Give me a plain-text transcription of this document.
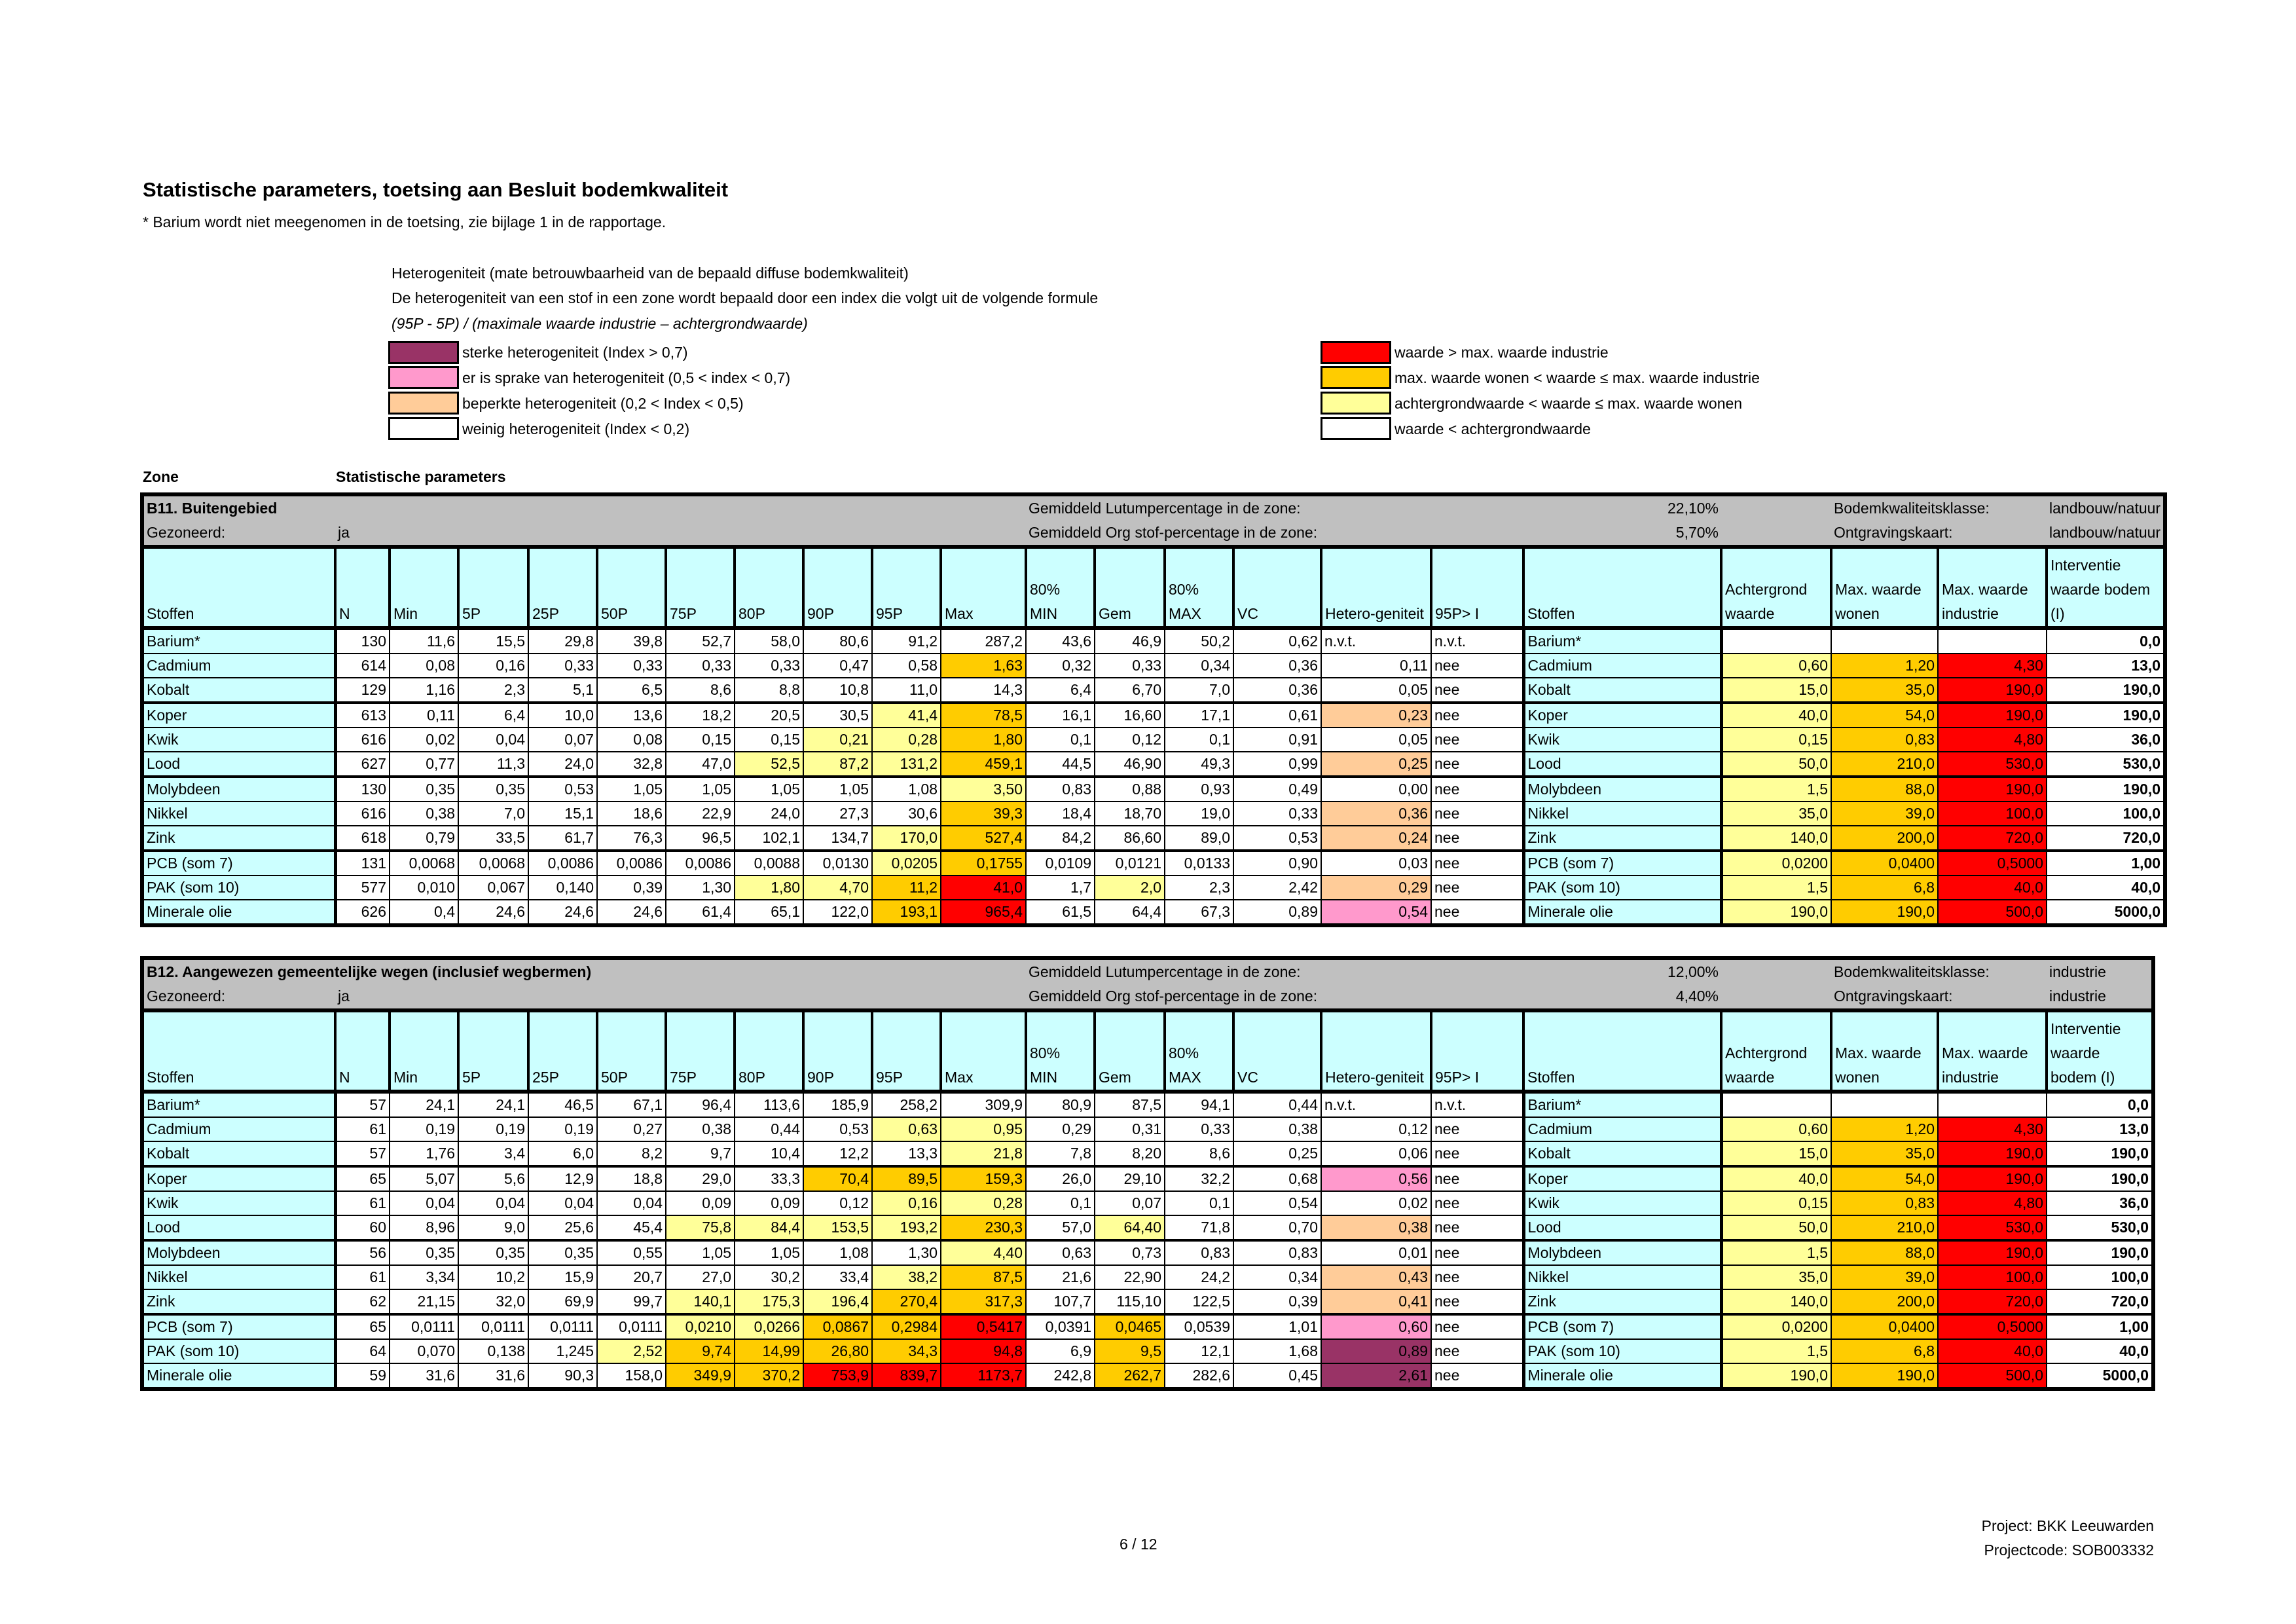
Statistische parameters, toetsing aan Besluit bodemkwaliteit
* Barium wordt niet meegenomen in de toetsing, zie bijlage 1 in de rapportage.
Heterogeniteit (mate betrouwbaarheid van de bepaald diffuse bodemkwaliteit)
De heterogeniteit van een stof in een zone wordt bepaald door een index die volgt uit de volgende formule
(95P - 5P) / (maximale waarde industrie – achtergrondwaarde)
sterke heterogeniteit (Index > 0,7)
er is sprake van heterogeniteit (0,5 < index < 0,7)
beperkte heterogeniteit (0,2 < Index < 0,5)
weinig heterogeniteit (Index < 0,2)
waarde > max. waarde industrie
max. waarde wonen < waarde ≤ max. waarde industrie
achtergrondwaarde < waarde ≤ max. waarde wonen
waarde < achtergrondwaarde
Zone	Statistische parameters
B11. Buitengebied											Gemiddeld Lutumpercentage in de zone:					22,10%			Bodemkwaliteitsklasse:		landbouw/natuur
Gezoneerd:	ja										Gemiddeld Org stof-percentage in de zone:					5,70%			Ontgravingskaart:		landbouw/natuur
Stoffen	N	Min	5P	25P	50P	75P	80P	90P	95P	Max	80% MIN	Gem	80% MAX	VC	Hetero-geniteit	95P> I	Stoffen	Achtergrond waarde	Max. waarde wonen	Max. waarde industrie	Interventie waarde bodem (I)
Barium*	130	11,6	15,5	29,8	39,8	52,7	58,0	80,6	91,2	287,2	43,6	46,9	50,2	0,62	n.v.t.	n.v.t.	Barium*				0,0
Cadmium	614	0,08	0,16	0,33	0,33	0,33	0,33	0,47	0,58	1,63	0,32	0,33	0,34	0,36	0,11	nee	Cadmium	0,60	1,20	4,30	13,0
Kobalt	129	1,16	2,3	5,1	6,5	8,6	8,8	10,8	11,0	14,3	6,4	6,70	7,0	0,36	0,05	nee	Kobalt	15,0	35,0	190,0	190,0
Koper	613	0,11	6,4	10,0	13,6	18,2	20,5	30,5	41,4	78,5	16,1	16,60	17,1	0,61	0,23	nee	Koper	40,0	54,0	190,0	190,0
Kwik	616	0,02	0,04	0,07	0,08	0,15	0,15	0,21	0,28	1,80	0,1	0,12	0,1	0,91	0,05	nee	Kwik	0,15	0,83	4,80	36,0
Lood	627	0,77	11,3	24,0	32,8	47,0	52,5	87,2	131,2	459,1	44,5	46,90	49,3	0,99	0,25	nee	Lood	50,0	210,0	530,0	530,0
Molybdeen	130	0,35	0,35	0,53	1,05	1,05	1,05	1,05	1,08	3,50	0,83	0,88	0,93	0,49	0,00	nee	Molybdeen	1,5	88,0	190,0	190,0
Nikkel	616	0,38	7,0	15,1	18,6	22,9	24,0	27,3	30,6	39,3	18,4	18,70	19,0	0,33	0,36	nee	Nikkel	35,0	39,0	100,0	100,0
Zink	618	0,79	33,5	61,7	76,3	96,5	102,1	134,7	170,0	527,4	84,2	86,60	89,0	0,53	0,24	nee	Zink	140,0	200,0	720,0	720,0
PCB (som 7)	131	0,0068	0,0068	0,0086	0,0086	0,0086	0,0088	0,0130	0,0205	0,1755	0,0109	0,0121	0,0133	0,90	0,03	nee	PCB (som 7)	0,0200	0,0400	0,5000	1,00
PAK (som 10)	577	0,010	0,067	0,140	0,39	1,30	1,80	4,70	11,2	41,0	1,7	2,0	2,3	2,42	0,29	nee	PAK (som 10)	1,5	6,8	40,0	40,0
Minerale olie	626	0,4	24,6	24,6	24,6	61,4	65,1	122,0	193,1	965,4	61,5	64,4	67,3	0,89	0,54	nee	Minerale olie	190,0	190,0	500,0	5000,0
B12. Aangewezen gemeentelijke wegen (inclusief wegbermen)											Gemiddeld Lutumpercentage in de zone:					12,00%			Bodemkwaliteitsklasse:		industrie
Gezoneerd:	ja										Gemiddeld Org stof-percentage in de zone:					4,40%			Ontgravingskaart:		industrie
Stoffen	N	Min	5P	25P	50P	75P	80P	90P	95P	Max	80% MIN	Gem	80% MAX	VC	Hetero-geniteit	95P> I	Stoffen	Achtergrond waarde	Max. waarde wonen	Max. waarde industrie	Interventie waarde bodem (I)
Barium*	57	24,1	24,1	46,5	67,1	96,4	113,6	185,9	258,2	309,9	80,9	87,5	94,1	0,44	n.v.t.	n.v.t.	Barium*				0,0
Cadmium	61	0,19	0,19	0,19	0,27	0,38	0,44	0,53	0,63	0,95	0,29	0,31	0,33	0,38	0,12	nee	Cadmium	0,60	1,20	4,30	13,0
Kobalt	57	1,76	3,4	6,0	8,2	9,7	10,4	12,2	13,3	21,8	7,8	8,20	8,6	0,25	0,06	nee	Kobalt	15,0	35,0	190,0	190,0
Koper	65	5,07	5,6	12,9	18,8	29,0	33,3	70,4	89,5	159,3	26,0	29,10	32,2	0,68	0,56	nee	Koper	40,0	54,0	190,0	190,0
Kwik	61	0,04	0,04	0,04	0,04	0,09	0,09	0,12	0,16	0,28	0,1	0,07	0,1	0,54	0,02	nee	Kwik	0,15	0,83	4,80	36,0
Lood	60	8,96	9,0	25,6	45,4	75,8	84,4	153,5	193,2	230,3	57,0	64,40	71,8	0,70	0,38	nee	Lood	50,0	210,0	530,0	530,0
Molybdeen	56	0,35	0,35	0,35	0,55	1,05	1,05	1,08	1,30	4,40	0,63	0,73	0,83	0,83	0,01	nee	Molybdeen	1,5	88,0	190,0	190,0
Nikkel	61	3,34	10,2	15,9	20,7	27,0	30,2	33,4	38,2	87,5	21,6	22,90	24,2	0,34	0,43	nee	Nikkel	35,0	39,0	100,0	100,0
Zink	62	21,15	32,0	69,9	99,7	140,1	175,3	196,4	270,4	317,3	107,7	115,10	122,5	0,39	0,41	nee	Zink	140,0	200,0	720,0	720,0
PCB (som 7)	65	0,0111	0,0111	0,0111	0,0111	0,0210	0,0266	0,0867	0,2984	0,5417	0,0391	0,0465	0,0539	1,01	0,60	nee	PCB (som 7)	0,0200	0,0400	0,5000	1,00
PAK (som 10)	64	0,070	0,138	1,245	2,52	9,74	14,99	26,80	34,3	94,8	6,9	9,5	12,1	1,68	0,89	nee	PAK (som 10)	1,5	6,8	40,0	40,0
Minerale olie	59	31,6	31,6	90,3	158,0	349,9	370,2	753,9	839,7	1173,7	242,8	262,7	282,6	0,45	2,61	nee	Minerale olie	190,0	190,0	500,0	5000,0
6 / 12
Project: BKK Leeuwarden
Projectcode: SOB003332
